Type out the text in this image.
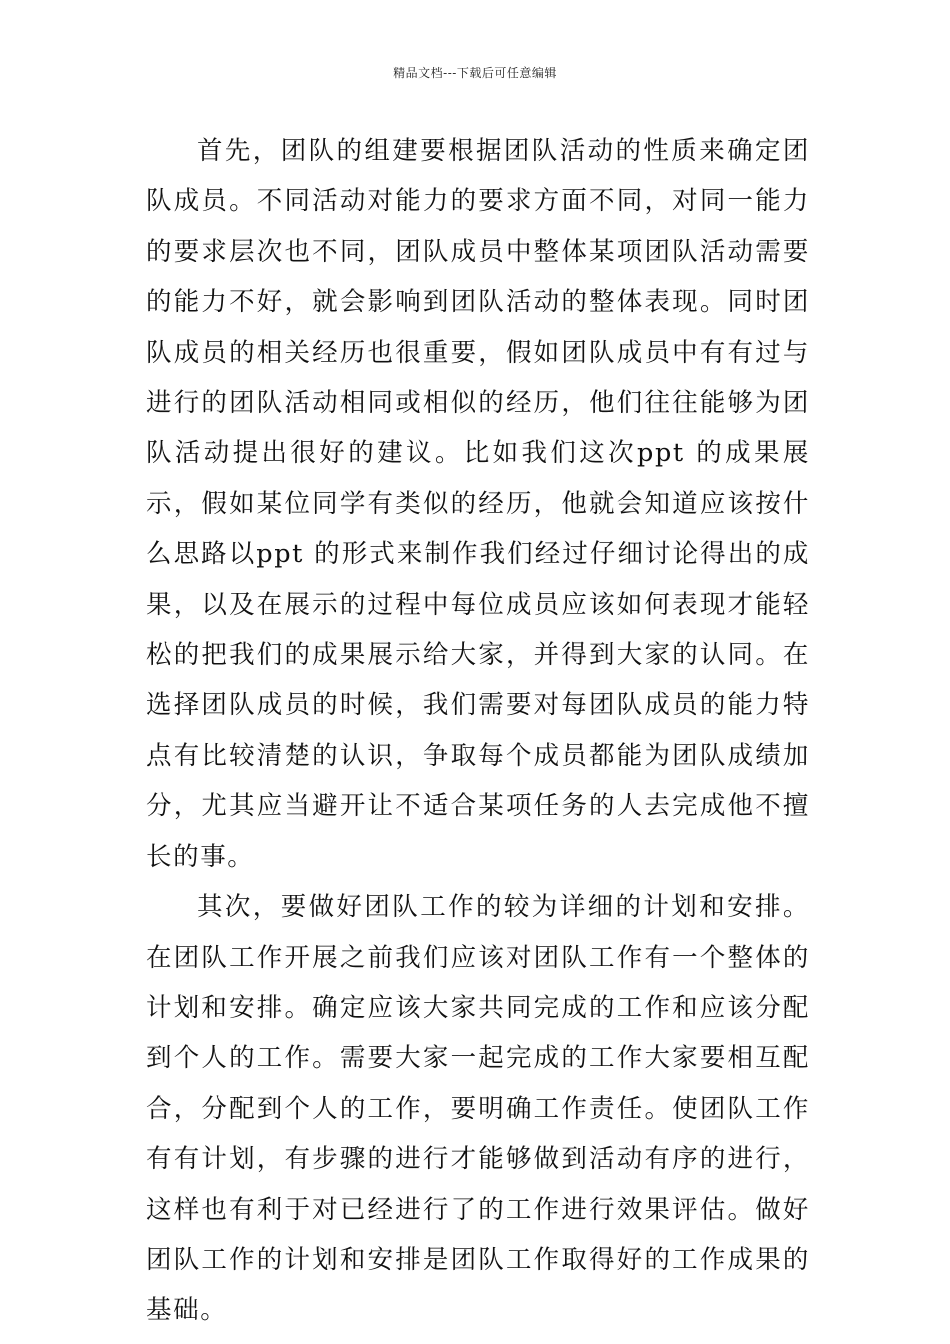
精品文档---下载后可任意编辑

首先，团队的组建要根据团队活动的性质来确定团队成员。不同活动对能力的要求方面不同，对同一能力的要求层次也不同，团队成员中整体某项团队活动需要的能力不好，就会影响到团队活动的整体表现。同时团队成员的相关经历也很重要，假如团队成员中有有过与进行的团队活动相同或相似的经历，他们往往能够为团队活动提出很好的建议。比如我们这次ppt 的成果展示，假如某位同学有类似的经历，他就会知道应该按什么思路以ppt 的形式来制作我们经过仔细讨论得出的成果，以及在展示的过程中每位成员应该如何表现才能轻松的把我们的成果展示给大家，并得到大家的认同。在选择团队成员的时候，我们需要对每团队成员的能力特点有比较清楚的认识，争取每个成员都能为团队成绩加分，尤其应当避开让不适合某项任务的人去完成他不擅长的事。

其次，要做好团队工作的较为详细的计划和安排。在团队工作开展之前我们应该对团队工作有一个整体的计划和安排。确定应该大家共同完成的工作和应该分配到个人的工作。需要大家一起完成的工作大家要相互配合，分配到个人的工作，要明确工作责任。使团队工作有有计划，有步骤的进行才能够做到活动有序的进行，这样也有利于对已经进行了的工作进行效果评估。做好团队工作的计划和安排是团队工作取得好的工作成果的基础。
